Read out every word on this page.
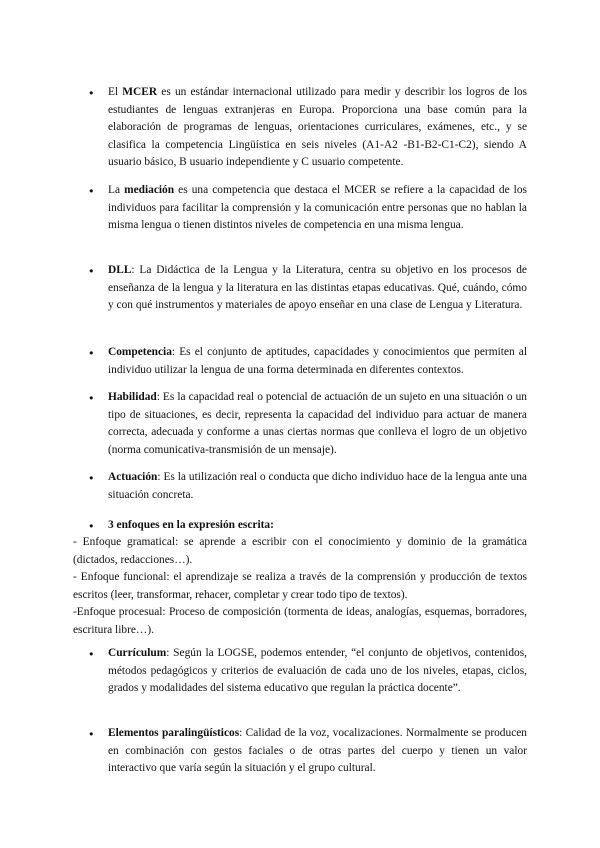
● El MCER es un estándar internacional utilizado para medir y describir los logros de los estudiantes de lenguas extranjeras en Europa. Proporciona una base común para la elaboración de programas de lenguas, orientaciones curriculares, exámenes, etc., y se clasifica la competencia Lingüística en seis niveles (A1-A2 -B1-B2-C1-C2), siendo A usuario básico, B usuario independiente y C usuario competente.

● La mediación es una competencia que destaca el MCER se refiere a la capacidad de los individuos para facilitar la comprensión y la comunicación entre personas que no hablan la misma lengua o tienen distintos niveles de competencia en una misma lengua.

● DLL: La Didáctica de la Lengua y la Literatura, centra su objetivo en los procesos de enseñanza de la lengua y la literatura en las distintas etapas educativas. Qué, cuándo, cómo y con qué instrumentos y materiales de apoyo enseñar en una clase de Lengua y Literatura.

● Competencia: Es el conjunto de aptitudes, capacidades y conocimientos que permiten al individuo utilizar la lengua de una forma determinada en diferentes contextos.

● Habilidad: Es la capacidad real o potencial de actuación de un sujeto en una situación o un tipo de situaciones, es decir, representa la capacidad del individuo para actuar de manera correcta, adecuada y conforme a unas ciertas normas que conlleva el logro de un objetivo (norma comunicativa-transmisión de un mensaje).

● Actuación: Es la utilización real o conducta que dicho individuo hace de la lengua ante una situación concreta.

● 3 enfoques en la expresión escrita:

- Enfoque gramatical: se aprende a escribir con el conocimiento y dominio de la gramática (dictados, redacciones…).

- Enfoque funcional: el aprendizaje se realiza a través de la comprensión y producción de textos escritos (leer, transformar, rehacer, completar y crear todo tipo de textos).

-Enfoque procesual: Proceso de composición (tormenta de ideas, analogías, esquemas, borradores, escritura libre…).

● Currículum: Según la LOGSE, podemos entender, “el conjunto de objetivos, contenidos, métodos pedagógicos y criterios de evaluación de cada uno de los niveles, etapas, ciclos, grados y modalidades del sistema educativo que regulan la práctica docente”.

● Elementos paralingüísticos: Calidad de la voz, vocalizaciones. Normalmente se producen en combinación con gestos faciales o de otras partes del cuerpo y tienen un valor interactivo que varía según la situación y el grupo cultural.
